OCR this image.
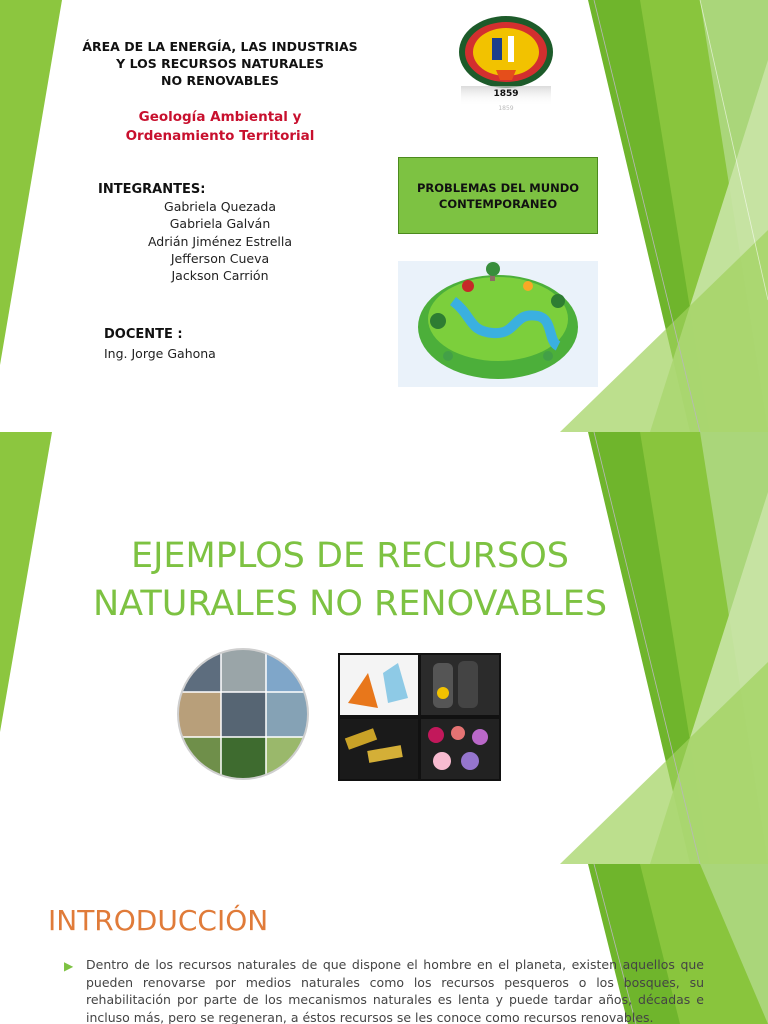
ÁREA DE LA ENERGÍA, LAS INDUSTRIAS
Y LOS RECURSOS NATURALES
NO RENOVABLES
Geología Ambiental y
Ordenamiento Territorial
INTEGRANTES:
Gabriela Quezada
Gabriela Galván
Adrián Jiménez Estrella
Jefferson Cueva
Jackson Carrión
DOCENTE :
Ing. Jorge Gahona
1859
1859
PROBLEMAS DEL MUNDO
CONTEMPORANEO
EJEMPLOS DE RECURSOS
NATURALES NO RENOVABLES
INTRODUCCIÓN
▶ Dentro de los recursos naturales de que dispone el hombre en el planeta, existen aquellos que pueden renovarse por medios naturales como los recursos pesqueros o los bosques, su rehabilitación por parte de los mecanismos naturales es lenta y puede tardar años, décadas e incluso más, pero se regeneran, a éstos recursos se les conoce como recursos renovables.
